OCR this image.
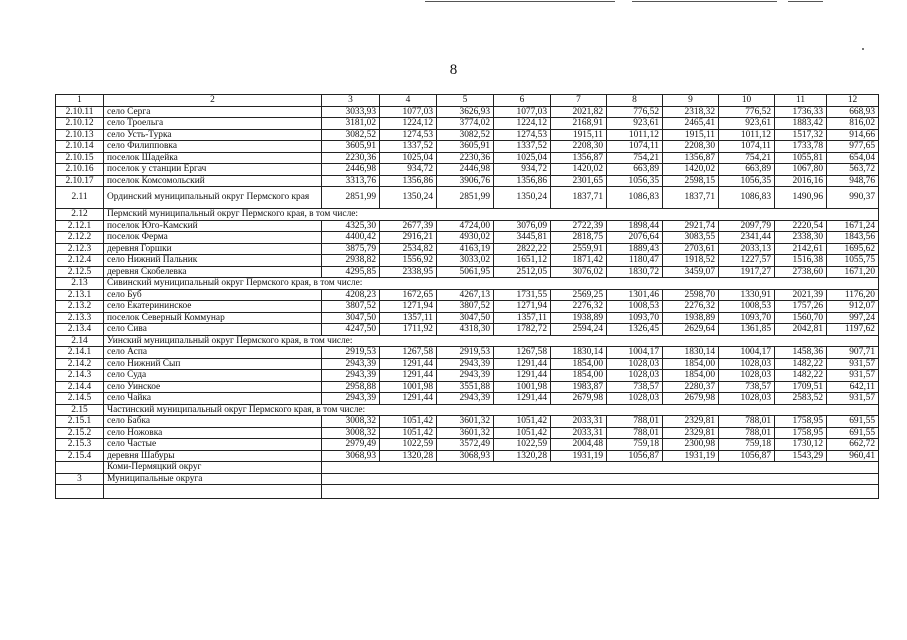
8
1	2	3	4	5	6	7	8	9	10	11	12
2.10.11	село Серга	3033,93	1077,03	3626,93	1077,03	2021,82	776,52	2318,32	776,52	1736,33	668,93
2.10.12	село Троельга	3181,02	1224,12	3774,02	1224,12	2168,91	923,61	2465,41	923,61	1883,42	816,02
2.10.13	село Усть-Турка	3082,52	1274,53	3082,52	1274,53	1915,11	1011,12	1915,11	1011,12	1517,32	914,66
2.10.14	село Филипповка	3605,91	1337,52	3605,91	1337,52	2208,30	1074,11	2208,30	1074,11	1733,78	977,65
2.10.15	поселок Шадейка	2230,36	1025,04	2230,36	1025,04	1356,87	754,21	1356,87	754,21	1055,81	654,04
2.10.16	поселок у станции Ергач	2446,98	934,72	2446,98	934,72	1420,02	663,89	1420,02	663,89	1067,80	563,72
2.10.17	поселок Комсомольский	3313,76	1356,86	3906,76	1356,86	2301,65	1056,35	2598,15	1056,35	2016,16	948,76
2.11	Ординский муниципальный округ Пермского края	2851,99	1350,24	2851,99	1350,24	1837,71	1086,83	1837,71	1086,83	1490,96	990,37
2.12	Пермский муниципальный округ Пермского края, в том числе:										
2.12.1	поселок Юго-Камский	4325,30	2677,39	4724,00	3076,09	2722,39	1898,44	2921,74	2097,79	2220,54	1671,24
2.12.2	поселок Ферма	4400,42	2916,21	4930,02	3445,81	2818,75	2076,64	3083,55	2341,44	2338,30	1843,56
2.12.3	деревня Горшки	3875,79	2534,82	4163,19	2822,22	2559,91	1889,43	2703,61	2033,13	2142,61	1695,62
2.12.4	село Нижний Пальник	2938,82	1556,92	3033,02	1651,12	1871,42	1180,47	1918,52	1227,57	1516,38	1055,75
2.12.5	деревня Скобелевка	4295,85	2338,95	5061,95	2512,05	3076,02	1830,72	3459,07	1917,27	2738,60	1671,20
2.13	Сивинский муниципальный округ Пермского края, в том числе:										
2.13.1	село Буб	4208,23	1672,65	4267,13	1731,55	2569,25	1301,46	2598,70	1330,91	2021,39	1176,20
2.13.2	село Екатерининское	3807,52	1271,94	3807,52	1271,94	2276,32	1008,53	2276,32	1008,53	1757,26	912,07
2.13.3	поселок Северный Коммунар	3047,50	1357,11	3047,50	1357,11	1938,89	1093,70	1938,89	1093,70	1560,70	997,24
2.13.4	село Сива	4247,50	1711,92	4318,30	1782,72	2594,24	1326,45	2629,64	1361,85	2042,81	1197,62
2.14	Уинский муниципальный округ Пермского края, в том числе:										
2.14.1	село Аспа	2919,53	1267,58	2919,53	1267,58	1830,14	1004,17	1830,14	1004,17	1458,36	907,71
2.14.2	село Нижний Сып	2943,39	1291,44	2943,39	1291,44	1854,00	1028,03	1854,00	1028,03	1482,22	931,57
2.14.3	село Суда	2943,39	1291,44	2943,39	1291,44	1854,00	1028,03	1854,00	1028,03	1482,22	931,57
2.14.4	село Уинское	2958,88	1001,98	3551,88	1001,98	1983,87	738,57	2280,37	738,57	1709,51	642,11
2.14.5	село Чайка	2943,39	1291,44	2943,39	1291,44	2679,98	1028,03	2679,98	1028,03	2583,52	931,57
2.15	Частинский муниципальный округ Пермского края, в том числе:										
2.15.1	село Бабка	3008,32	1051,42	3601,32	1051,42	2033,31	788,01	2329,81	788,01	1758,95	691,55
2.15.2	село Ножовка	3008,32	1051,42	3601,32	1051,42	2033,31	788,01	2329,81	788,01	1758,95	691,55
2.15.3	село Частые	2979,49	1022,59	3572,49	1022,59	2004,48	759,18	2300,98	759,18	1730,12	662,72
2.15.4	деревня Шабуры	3068,93	1320,28	3068,93	1320,28	1931,19	1056,87	1931,19	1056,87	1543,29	960,41
	Коми-Пермяцкий округ										
3	Муниципальные округа										
